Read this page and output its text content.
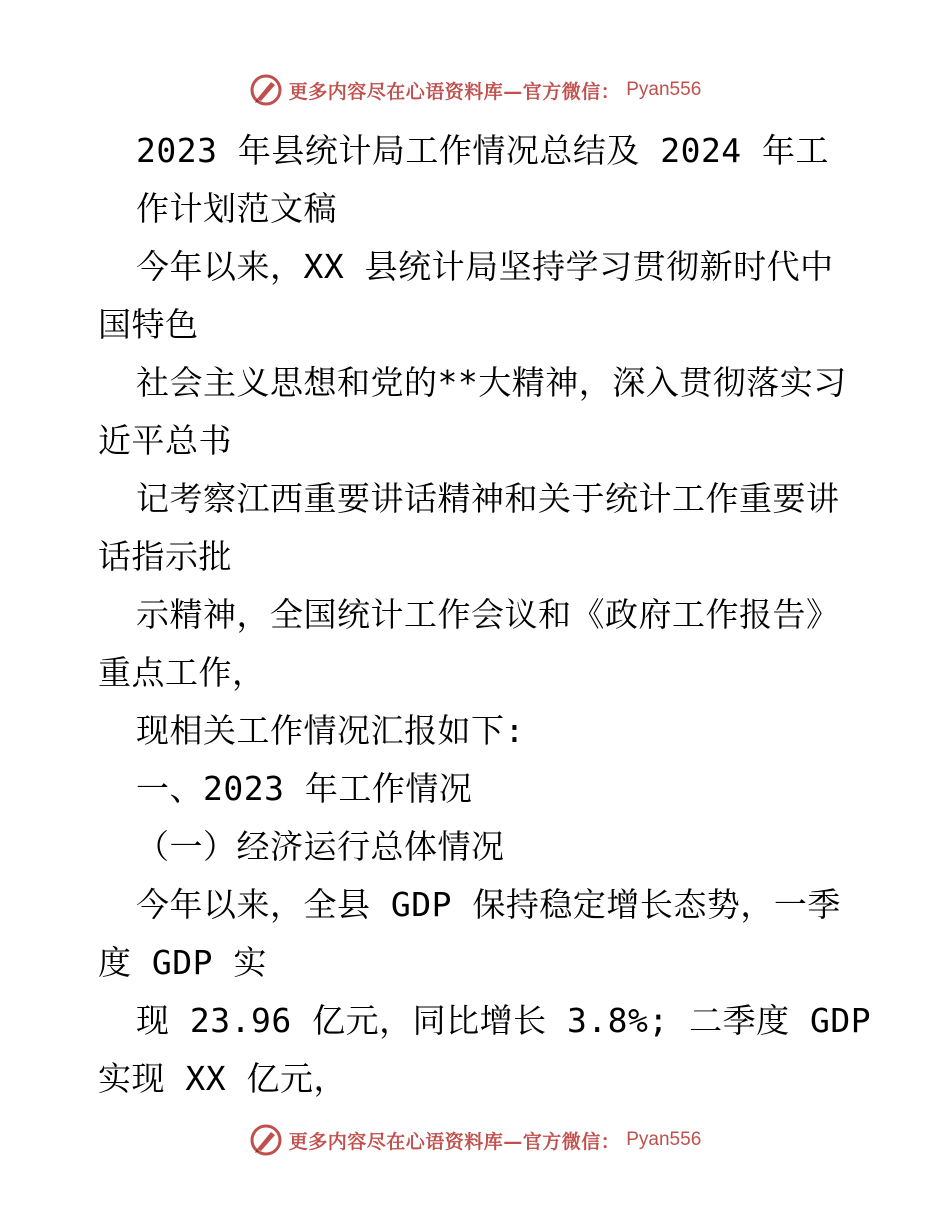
更多内容尽在心语资料库—官方微信： Pyan556
2023 年县统计局工作情况总结及 2024 年工
作计划范文稿
今年以来，XX 县统计局坚持学习贯彻新时代中
国特色
社会主义思想和党的**大精神，深入贯彻落实习
近平总书
记考察江西重要讲话精神和关于统计工作重要讲
话指示批
示精神，全国统计工作会议和《政府工作报告》
重点工作，
现相关工作情况汇报如下:
一、2023 年工作情况
（一）经济运行总体情况
今年以来，全县 GDP 保持稳定增长态势，一季
度 GDP 实
现 23.96 亿元，同比增长 3.8%; 二季度 GDP
实现 XX 亿元，
更多内容尽在心语资料库—官方微信： Pyan556
